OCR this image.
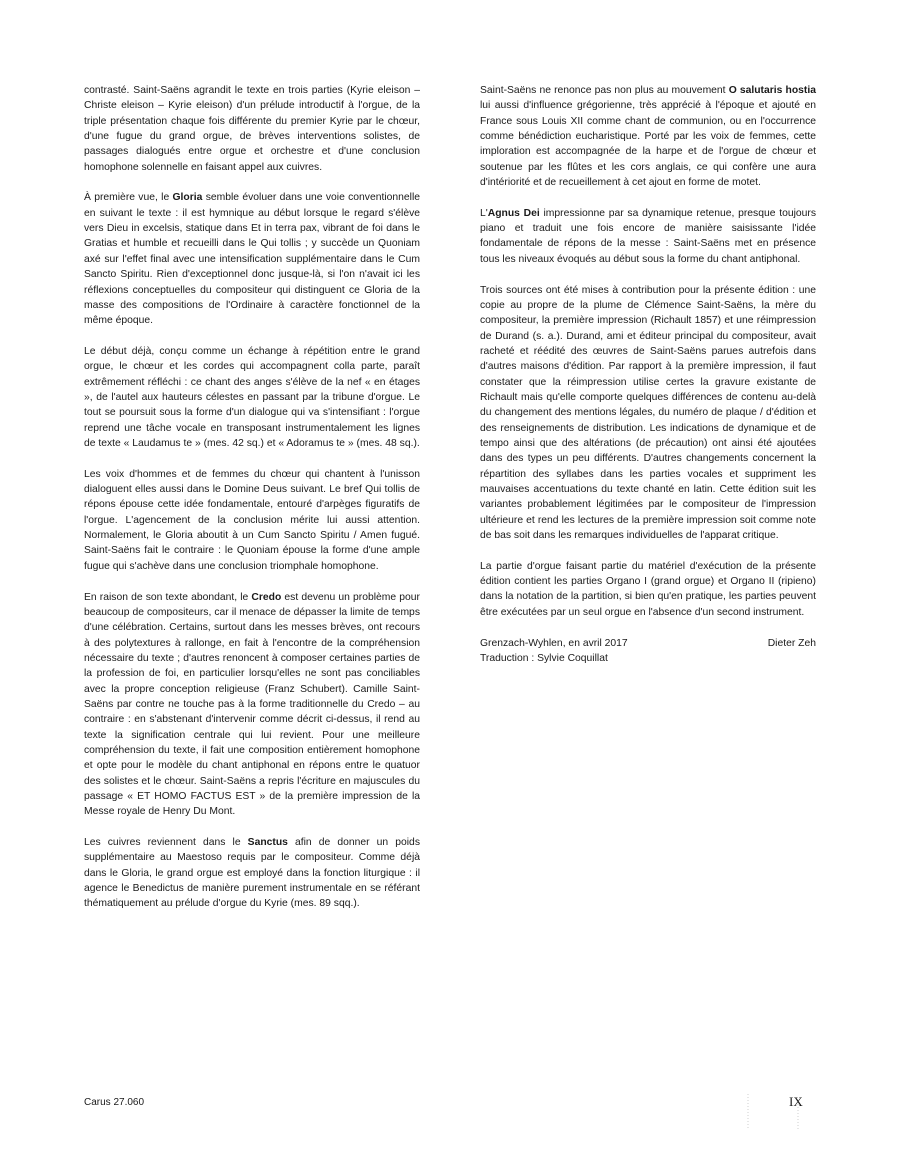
contrasté. Saint-Saëns agrandit le texte en trois parties (Kyrie eleison – Christe eleison – Kyrie eleison) d'un prélude introductif à l'orgue, de la triple présentation chaque fois différente du premier Kyrie par le chœur, d'une fugue du grand orgue, de brèves interventions solistes, de passages dialogués entre orgue et orchestre et d'une conclusion homophone solennelle en faisant appel aux cuivres.

À première vue, le Gloria semble évoluer dans une voie conventionnelle en suivant le texte : il est hymnique au début lorsque le regard s'élève vers Dieu in excelsis, statique dans Et in terra pax, vibrant de foi dans le Gratias et humble et recueilli dans le Qui tollis ; y succède un Quoniam axé sur l'effet final avec une intensification supplémentaire dans le Cum Sancto Spiritu. Rien d'exceptionnel donc jusque-là, si l'on n'avait ici les réflexions conceptuelles du compositeur qui distinguent ce Gloria de la masse des compositions de l'Ordinaire à caractère fonctionnel de la même époque.

Le début déjà, conçu comme un échange à répétition entre le grand orgue, le chœur et les cordes qui accompagnent colla parte, paraît extrêmement réfléchi : ce chant des anges s'élève de la nef « en étages », de l'autel aux hauteurs célestes en passant par la tribune d'orgue. Le tout se poursuit sous la forme d'un dialogue qui va s'intensifiant : l'orgue reprend une tâche vocale en transposant instrumentalement les lignes de texte « Laudamus te » (mes. 42 sq.) et « Adoramus te » (mes. 48 sq.).

Les voix d'hommes et de femmes du chœur qui chantent à l'unisson dialoguent elles aussi dans le Domine Deus suivant. Le bref Qui tollis de répons épouse cette idée fondamentale, entouré d'arpèges figuratifs de l'orgue. L'agencement de la conclusion mérite lui aussi attention. Normalement, le Gloria aboutit à un Cum Sancto Spiritu / Amen fugué. Saint-Saëns fait le contraire : le Quoniam épouse la forme d'une ample fugue qui s'achève dans une conclusion triomphale homophone.

En raison de son texte abondant, le Credo est devenu un problème pour beaucoup de compositeurs, car il menace de dépasser la limite de temps d'une célébration. Certains, surtout dans les messes brèves, ont recours à des polytextures à rallonge, en fait à l'encontre de la compréhension nécessaire du texte ; d'autres renoncent à composer certaines parties de la profession de foi, en particulier lorsqu'elles ne sont pas conciliables avec la propre conception religieuse (Franz Schubert). Camille Saint-Saëns par contre ne touche pas à la forme traditionnelle du Credo – au contraire : en s'abstenant d'intervenir comme décrit ci-dessus, il rend au texte la signification centrale qui lui revient. Pour une meilleure compréhension du texte, il fait une composition entièrement homophone et opte pour le modèle du chant antiphonal en répons entre le quatuor des solistes et le chœur. Saint-Saëns a repris l'écriture en majuscules du passage « ET HOMO FACTUS EST » de la première impression de la Messe royale de Henry Du Mont.

Les cuivres reviennent dans le Sanctus afin de donner un poids supplémentaire au Maestoso requis par le compositeur. Comme déjà dans le Gloria, le grand orgue est employé dans la fonction liturgique : il agence le Benedictus de manière purement instrumentale en se référant thématiquement au prélude d'orgue du Kyrie (mes. 89 sqq.).

Saint-Saëns ne renonce pas non plus au mouvement O salutaris hostia lui aussi d'influence grégorienne, très apprécié à l'époque et ajouté en France sous Louis XII comme chant de communion, ou en l'occurrence comme bénédiction eucharistique. Porté par les voix de femmes, cette imploration est accompagnée de la harpe et de l'orgue de chœur et soutenue par les flûtes et les cors anglais, ce qui confère une aura d'intériorité et de recueillement à cet ajout en forme de motet.

L'Agnus Dei impressionne par sa dynamique retenue, presque toujours piano et traduit une fois encore de manière saisissante l'idée fondamentale de répons de la messe : Saint-Saëns met en présence tous les niveaux évoqués au début sous la forme du chant antiphonal.

Trois sources ont été mises à contribution pour la présente édition : une copie au propre de la plume de Clémence Saint-Saëns, la mère du compositeur, la première impression (Richault 1857) et une réimpression de Durand (s. a.). Durand, ami et éditeur principal du compositeur, avait racheté et réédité des œuvres de Saint-Saëns parues autrefois dans d'autres maisons d'édition. Par rapport à la première impression, il faut constater que la réimpression utilise certes la gravure existante de Richault mais qu'elle comporte quelques différences de contenu au-delà du changement des mentions légales, du numéro de plaque / d'édition et des renseignements de distribution. Les indications de dynamique et de tempo ainsi que des altérations (de précaution) ont ainsi été ajoutées dans des types un peu différents. D'autres changements concernent la répartition des syllabes dans les parties vocales et suppriment les mauvaises accentuations du texte chanté en latin. Cette édition suit les variantes probablement légitimées par le compositeur de l'impression ultérieure et rend les lectures de la première impression soit comme note de bas soit dans les remarques individuelles de l'apparat critique.

La partie d'orgue faisant partie du matériel d'exécution de la présente édition contient les parties Organo I (grand orgue) et Organo II (ripieno) dans la notation de la partition, si bien qu'en pratique, les parties peuvent être exécutées par un seul orgue en l'absence d'un second instrument.

Grenzach-Wyhlen, en avril 2017	Dieter Zeh
Traduction : Sylvie Coquillat
Carus 27.060	IX
